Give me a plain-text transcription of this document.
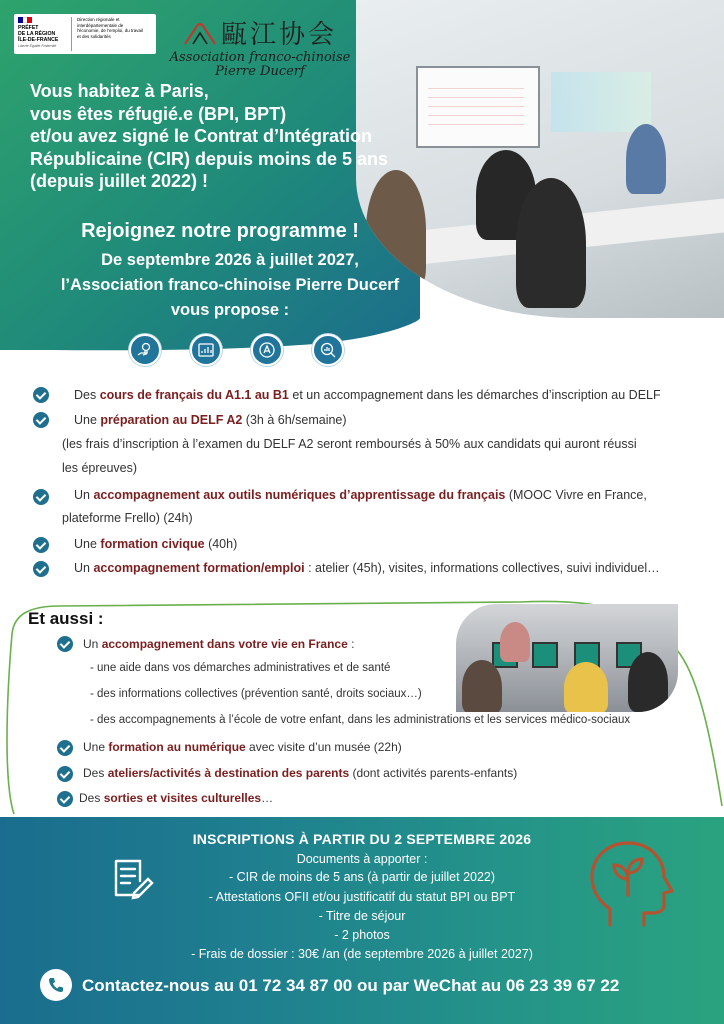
PRÉFET
DE LA RÉGION
ÎLE-DE-FRANCE
Liberté Égalité Fraternité
Direction régionale et interdépartementale de l'économie, de l'emploi, du travail et des solidarités	甌江协会
Association franco-chinoise
Pierre Ducerf
Vous habitez à Paris,
vous êtes réfugié.e (BPI, BPT)
et/ou avez signé le Contrat d’Intégration
Républicaine (CIR) depuis moins de 5 ans
(depuis juillet 2022) !
Rejoignez notre programme !
De septembre 2026 à juillet 2027,
l’Association franco-chinoise Pierre Ducerf
vous propose :
Des cours de français du A1.1 au B1 et un accompagnement dans les démarches d’inscription au DELF
Une préparation au DELF A2 (3h à 6h/semaine)
(les frais d’inscription à l’examen du DELF A2 seront remboursés à 50% aux candidats qui auront réussi
les épreuves)
Un accompagnement aux outils numériques d’apprentissage du français (MOOC Vivre en France,
plateforme Frello) (24h)
Une formation civique (40h)
Un accompagnement formation/emploi : atelier (45h), visites, informations collectives, suivi individuel…
Et aussi :
Un accompagnement dans votre vie en France :
- une aide dans vos démarches administratives et de santé
- des informations collectives (prévention santé, droits sociaux…)
- des accompagnements à l’école de votre enfant, dans les administrations et les services médico-sociaux
Une formation au numérique avec visite d’un musée (22h)
Des ateliers/activités à destination des parents (dont activités parents-enfants)
Des sorties et visites culturelles…
INSCRIPTIONS À PARTIR DU 2 SEPTEMBRE 2026
Documents à apporter :
- CIR de moins de 5 ans (à partir de juillet 2022)
- Attestations OFII et/ou justificatif du statut BPI ou BPT
- Titre de séjour
- 2 photos
- Frais de dossier : 30€ /an (de septembre 2026 à juillet 2027)
Contactez-nous au 01 72 34 87 00 ou par WeChat au 06 23 39 67 22
